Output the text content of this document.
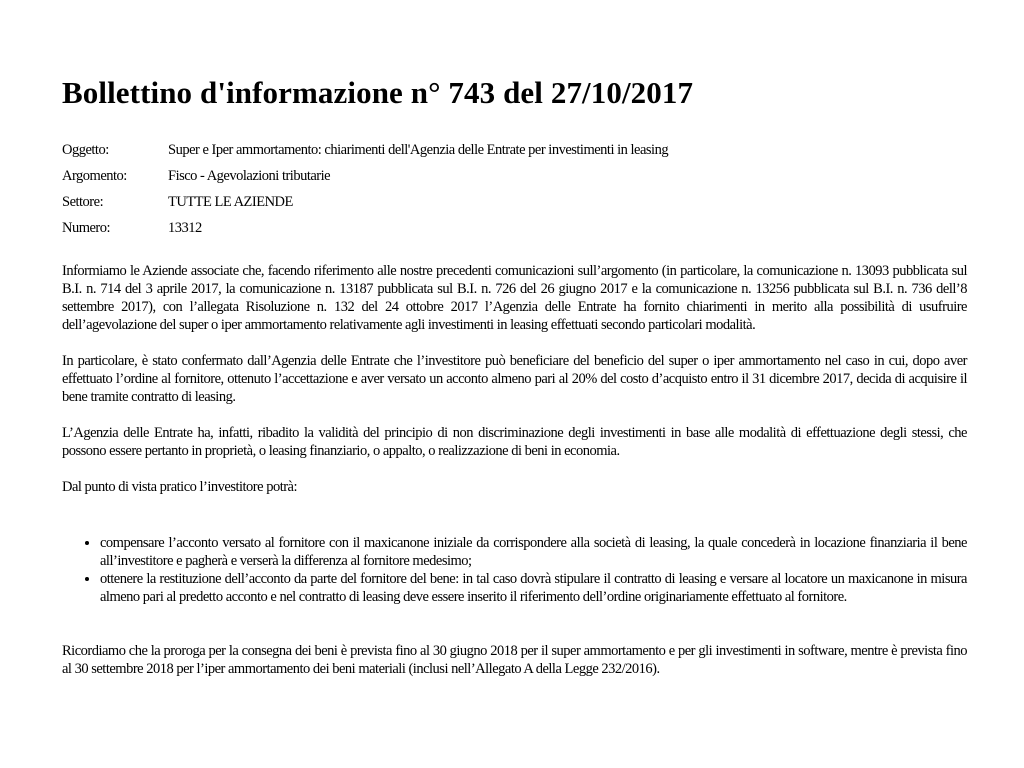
Bollettino d'informazione n° 743 del 27/10/2017
Oggetto:	Super e Iper ammortamento: chiarimenti dell'Agenzia delle Entrate per investimenti in leasing
Argomento:	Fisco - Agevolazioni tributarie
Settore:	TUTTE LE AZIENDE
Numero:	13312

Informiamo le Aziende associate che, facendo riferimento alle nostre precedenti comunicazioni sull’argomento (in particolare, la comunicazione n. 13093 pubblicata sul B.I. n. 714 del 3 aprile 2017, la comunicazione n. 13187 pubblicata sul B.I. n. 726 del 26 giugno 2017 e la comunicazione n. 13256 pubblicata sul B.I. n. 736 dell’8 settembre 2017), con l’allegata Risoluzione n. 132 del 24 ottobre 2017 l’Agenzia delle Entrate ha fornito chiarimenti in merito alla possibilità di usufruire dell’agevolazione del super o iper ammortamento relativamente agli investimenti in leasing effettuati secondo particolari modalità.

In particolare, è stato confermato dall’Agenzia delle Entrate che l’investitore può beneficiare del beneficio del super o iper ammortamento nel caso in cui, dopo aver effettuato l’ordine al fornitore, ottenuto l’accettazione e aver versato un acconto almeno pari al 20% del costo d’acquisto entro il 31 dicembre 2017, decida di acquisire il bene tramite contratto di leasing.

L’Agenzia delle Entrate ha, infatti, ribadito la validità del principio di non discriminazione degli investimenti in base alle modalità di effettuazione degli stessi, che possono essere pertanto in proprietà, o leasing finanziario, o appalto, o realizzazione di beni in economia.

Dal punto di vista pratico l’investitore potrà:

• compensare l’acconto versato al fornitore con il maxicanone iniziale da corrispondere alla società di leasing, la quale concederà in locazione finanziaria il bene all’investitore e pagherà e verserà la differenza al fornitore medesimo;
• ottenere la restituzione dell’acconto da parte del fornitore del bene: in tal caso dovrà stipulare il contratto di leasing e versare al locatore un maxicanone in misura almeno pari al predetto acconto e nel contratto di leasing deve essere inserito il riferimento dell’ordine originariamente effettuato al fornitore.

Ricordiamo che la proroga per la consegna dei beni è prevista fino al 30 giugno 2018 per il super ammortamento e per gli investimenti in software, mentre è prevista fino al 30 settembre 2018 per l’iper ammortamento dei beni materiali (inclusi nell’Allegato A della Legge 232/2016).
